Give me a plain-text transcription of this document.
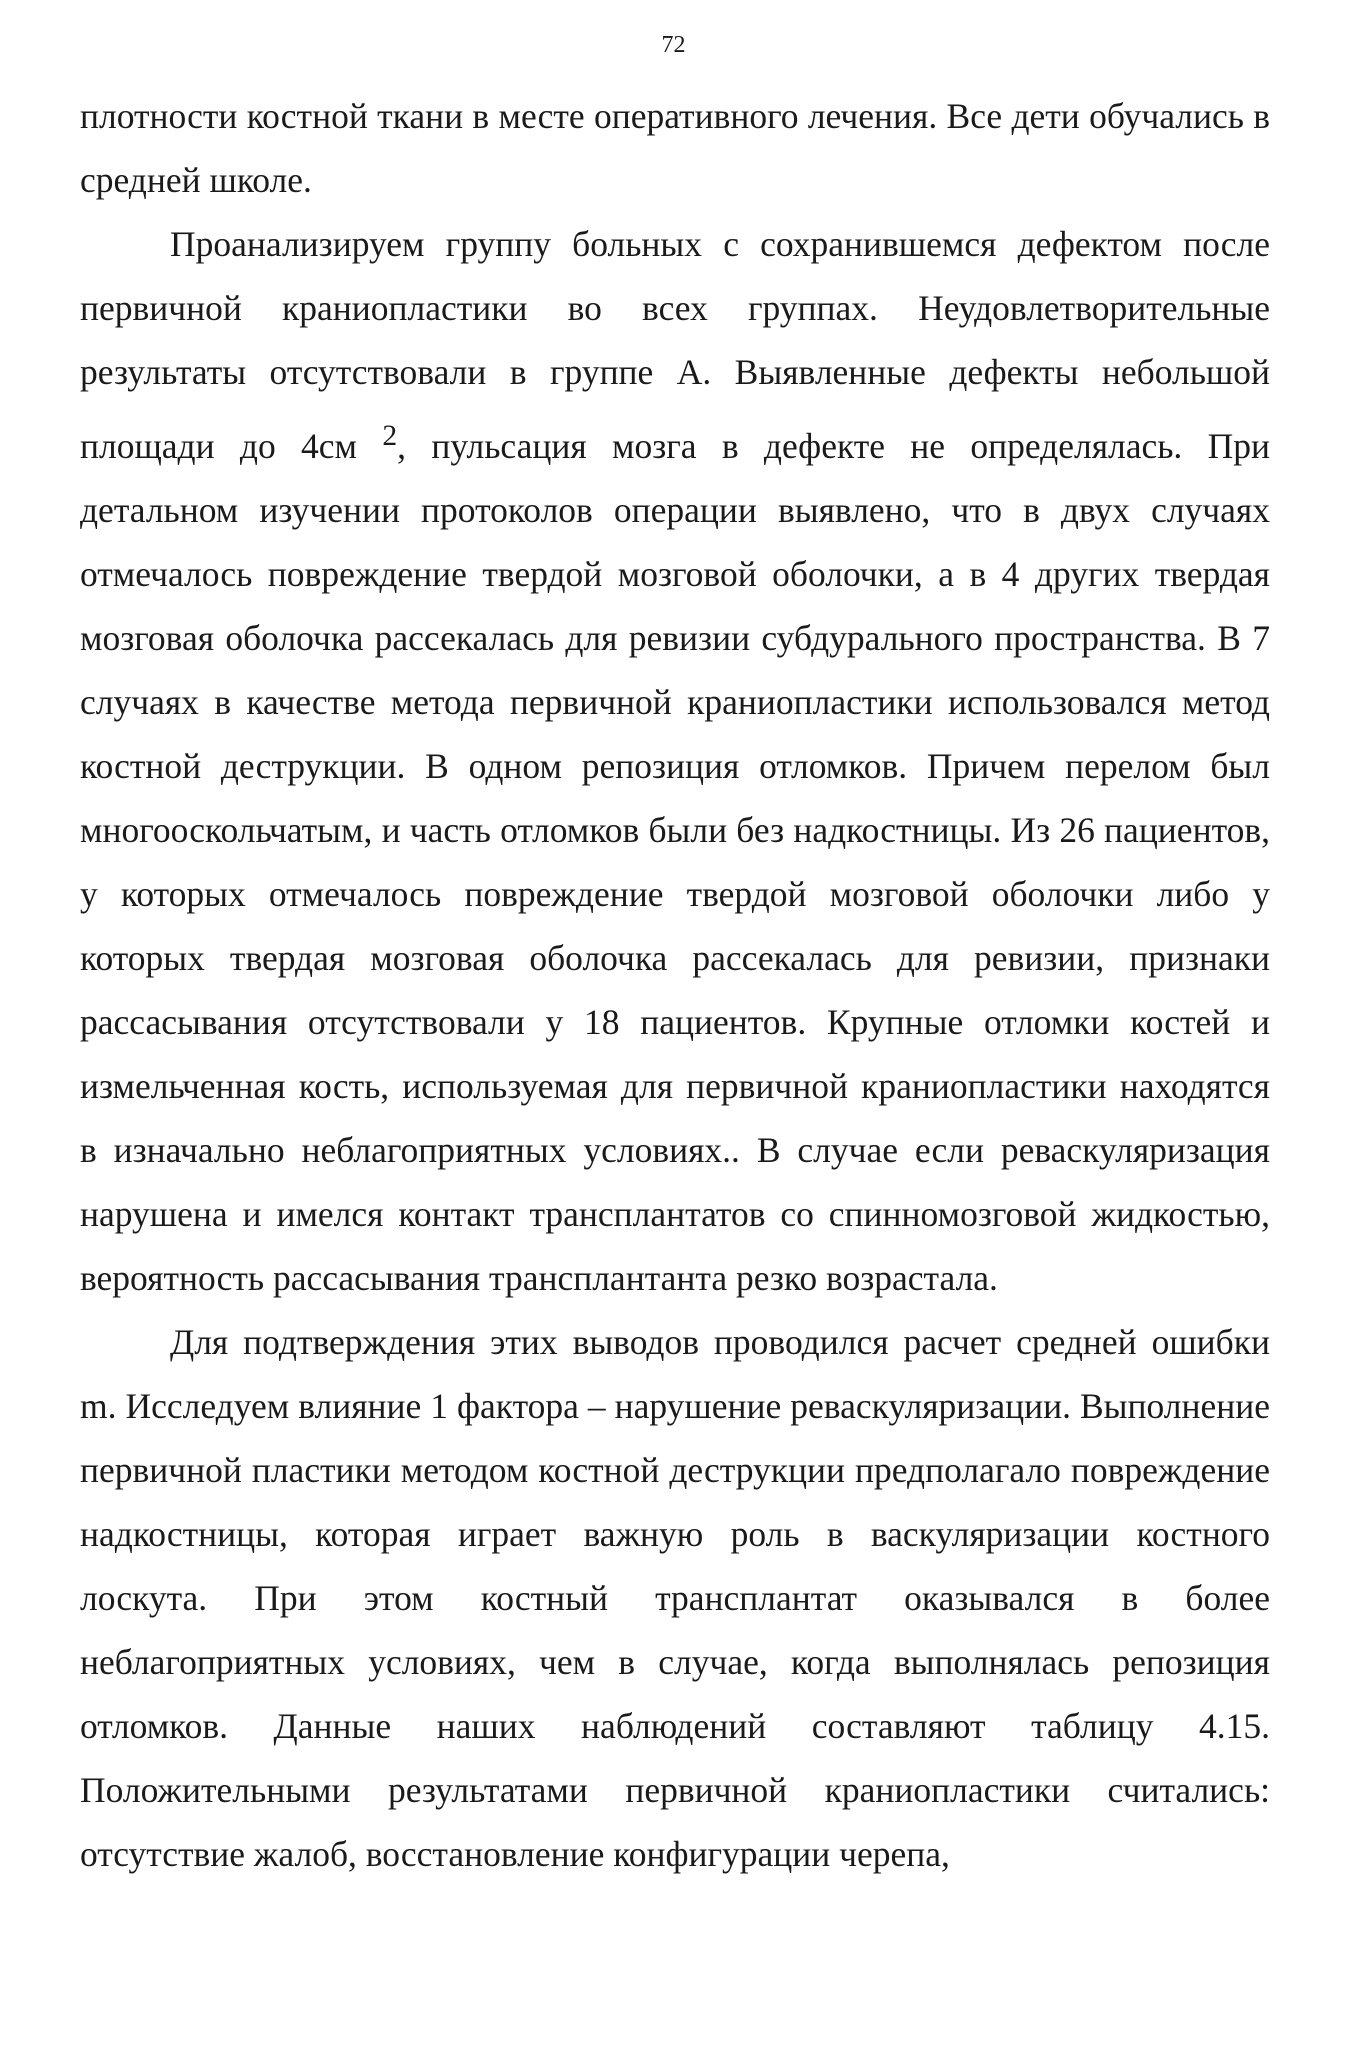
72

плотности костной ткани в месте оперативного лечения. Все дети обучались в средней школе.

Проанализируем группу больных с сохранившемся дефектом после первичной краниопластики во всех группах. Неудовлетворительные результаты отсутствовали в группе А. Выявленные дефекты небольшой площади до 4см $^2$, пульсация мозга в дефекте не определялась. При детальном изучении протоколов операции выявлено, что в двух случаях отмечалось повреждение твердой мозговой оболочки, а в 4 других твердая мозговая оболочка рассекалась для ревизии субдурального пространства. В 7 случаях в качестве метода первичной краниопластики использовался метод костной деструкции. В одном репозиция отломков. Причем перелом был многооскольчатым, и часть отломков были без надкостницы. Из 26 пациентов, у которых отмечалось повреждение твердой мозговой оболочки либо у которых твердая мозговая оболочка рассекалась для ревизии, признаки рассасывания отсутствовали у 18 пациентов. Крупные отломки костей и измельченная кость, используемая для первичной краниопластики находятся в изначально неблагоприятных условиях.. В случае если реваскуляризация нарушена и имелся контакт трансплантатов со спинномозговой жидкостью, вероятность рассасывания трансплантанта резко возрастала.

Для подтверждения этих выводов проводился расчет средней ошибки m. Исследуем влияние 1 фактора – нарушение реваскуляризации. Выполнение первичной пластики методом костной деструкции предполагало повреждение надкостницы, которая играет важную роль в васкуляризации костного лоскута. При этом костный трансплантат оказывался в более неблагоприятных условиях, чем в случае, когда выполнялась репозиция отломков. Данные наших наблюдений составляют таблицу 4.15. Положительными результатами первичной краниопластики считались: отсутствие жалоб, восстановление конфигурации черепа,
